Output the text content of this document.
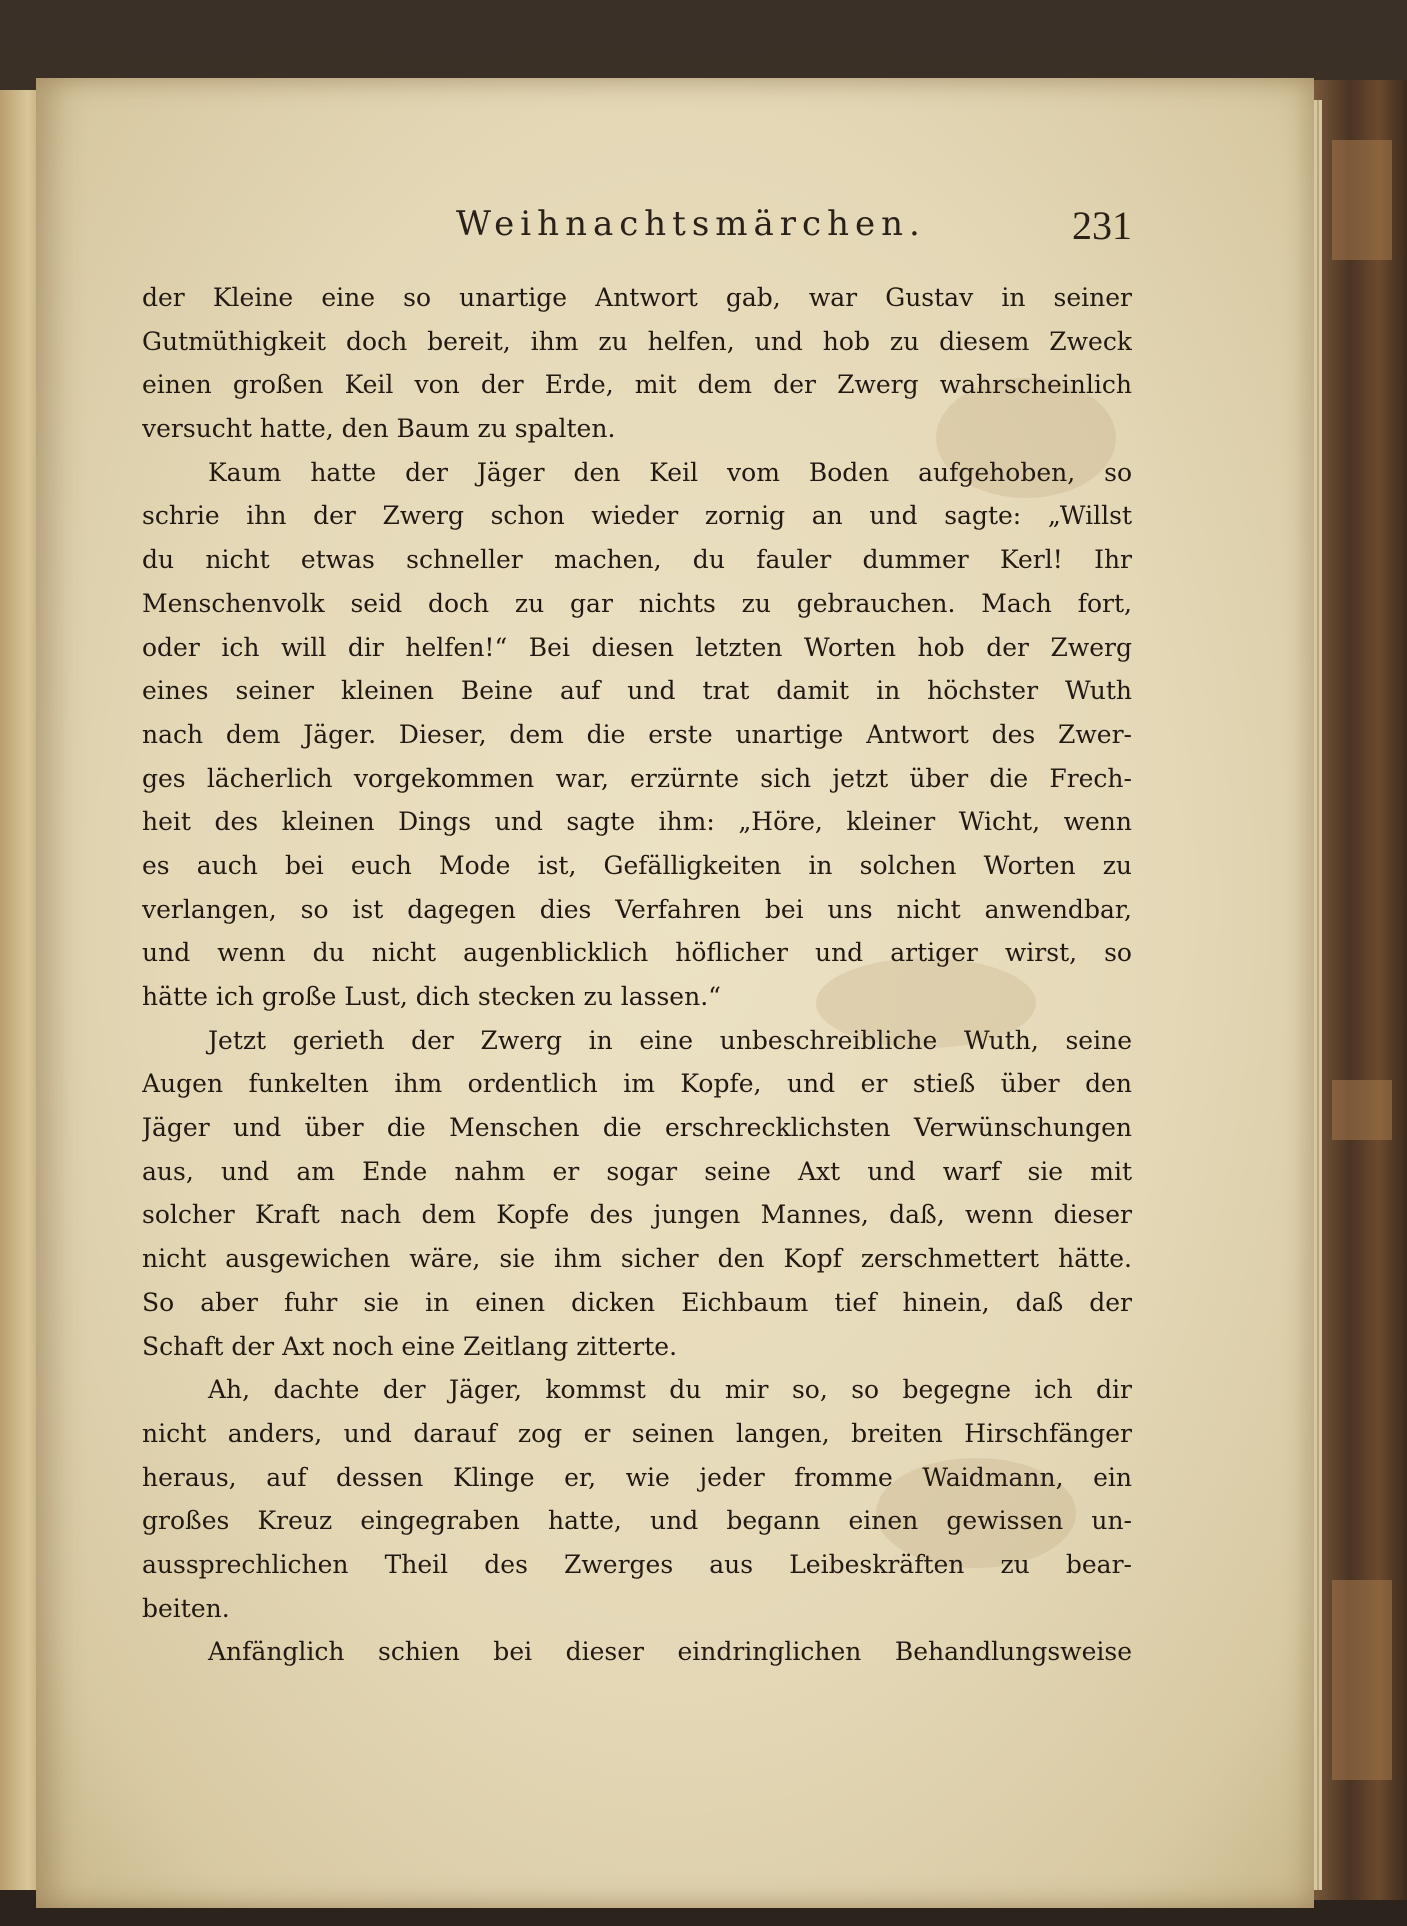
Weihnachtsmärchen.	231
der Kleine eine so unartige Antwort gab, war Gustav in seiner
Gutmüthigkeit doch bereit, ihm zu helfen, und hob zu diesem Zweck
einen großen Keil von der Erde, mit dem der Zwerg wahrscheinlich
versucht hatte, den Baum zu spalten.
Kaum hatte der Jäger den Keil vom Boden aufgehoben, so
schrie ihn der Zwerg schon wieder zornig an und sagte: „Willst
du nicht etwas schneller machen, du fauler dummer Kerl! Ihr
Menschenvolk seid doch zu gar nichts zu gebrauchen. Mach fort,
oder ich will dir helfen!“ Bei diesen letzten Worten hob der Zwerg
eines seiner kleinen Beine auf und trat damit in höchster Wuth
nach dem Jäger. Dieser, dem die erste unartige Antwort des Zwer-
ges lächerlich vorgekommen war, erzürnte sich jetzt über die Frech-
heit des kleinen Dings und sagte ihm: „Höre, kleiner Wicht, wenn
es auch bei euch Mode ist, Gefälligkeiten in solchen Worten zu
verlangen, so ist dagegen dies Verfahren bei uns nicht anwendbar,
und wenn du nicht augenblicklich höflicher und artiger wirst, so
hätte ich große Lust, dich stecken zu lassen.“
Jetzt gerieth der Zwerg in eine unbeschreibliche Wuth, seine
Augen funkelten ihm ordentlich im Kopfe, und er stieß über den
Jäger und über die Menschen die erschrecklichsten Verwünschungen
aus, und am Ende nahm er sogar seine Axt und warf sie mit
solcher Kraft nach dem Kopfe des jungen Mannes, daß, wenn dieser
nicht ausgewichen wäre, sie ihm sicher den Kopf zerschmettert hätte.
So aber fuhr sie in einen dicken Eichbaum tief hinein, daß der
Schaft der Axt noch eine Zeitlang zitterte.
Ah, dachte der Jäger, kommst du mir so, so begegne ich dir
nicht anders, und darauf zog er seinen langen, breiten Hirschfänger
heraus, auf dessen Klinge er, wie jeder fromme Waidmann, ein
großes Kreuz eingegraben hatte, und begann einen gewissen un-
aussprechlichen Theil des Zwerges aus Leibeskräften zu bear-
beiten.
Anfänglich schien bei dieser eindringlichen Behandlungsweise
